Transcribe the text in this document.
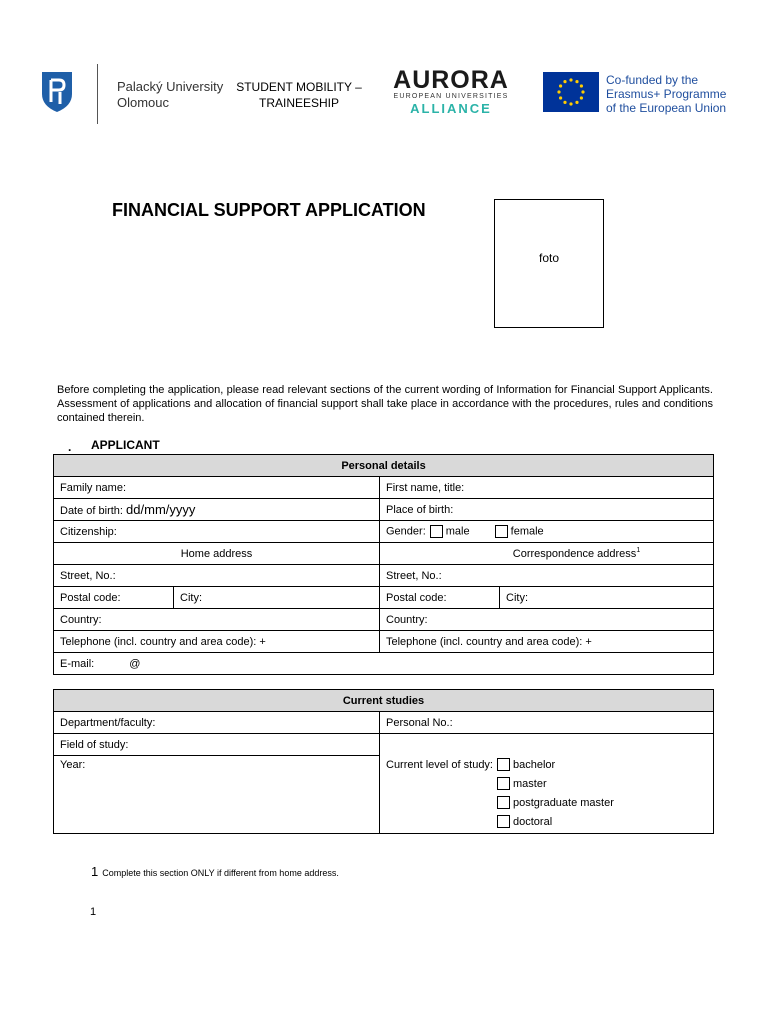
Palacký University
Olomouc
STUDENT MOBILITY –
TRAINEESHIP
AURORA
EUROPEAN UNIVERSITIES
ALLIANCE
Co-funded by the
Erasmus+ Programme
of the European Union
FINANCIAL SUPPORT APPLICATION
foto
Before completing the application, please read relevant sections of the current wording of Information for Financial Support Applicants. Assessment of applications and allocation of financial support shall take place in accordance with the procedures, rules and conditions contained therein.
. APPLICANT
Personal details			
Family name:		First name, title:	
Date of birth: dd/mm/yyyy		Place of birth:	
Citizenship:		Gender: male female	
Home address		Correspondence address$^1$
Street, No.:		Street, No.:	
Postal code:	City:	Postal code:	City:
Country:		Country:	
Telephone (incl. country and area code): +		Telephone (incl. country and area code): +	
E-mail: @			
Current studies	
Department/faculty:	Personal No.:
Field of study:	
Year:	Current level of study: bachelor
master
postgraduate master
doctoral
1 Complete this section ONLY if different from home address.
1
